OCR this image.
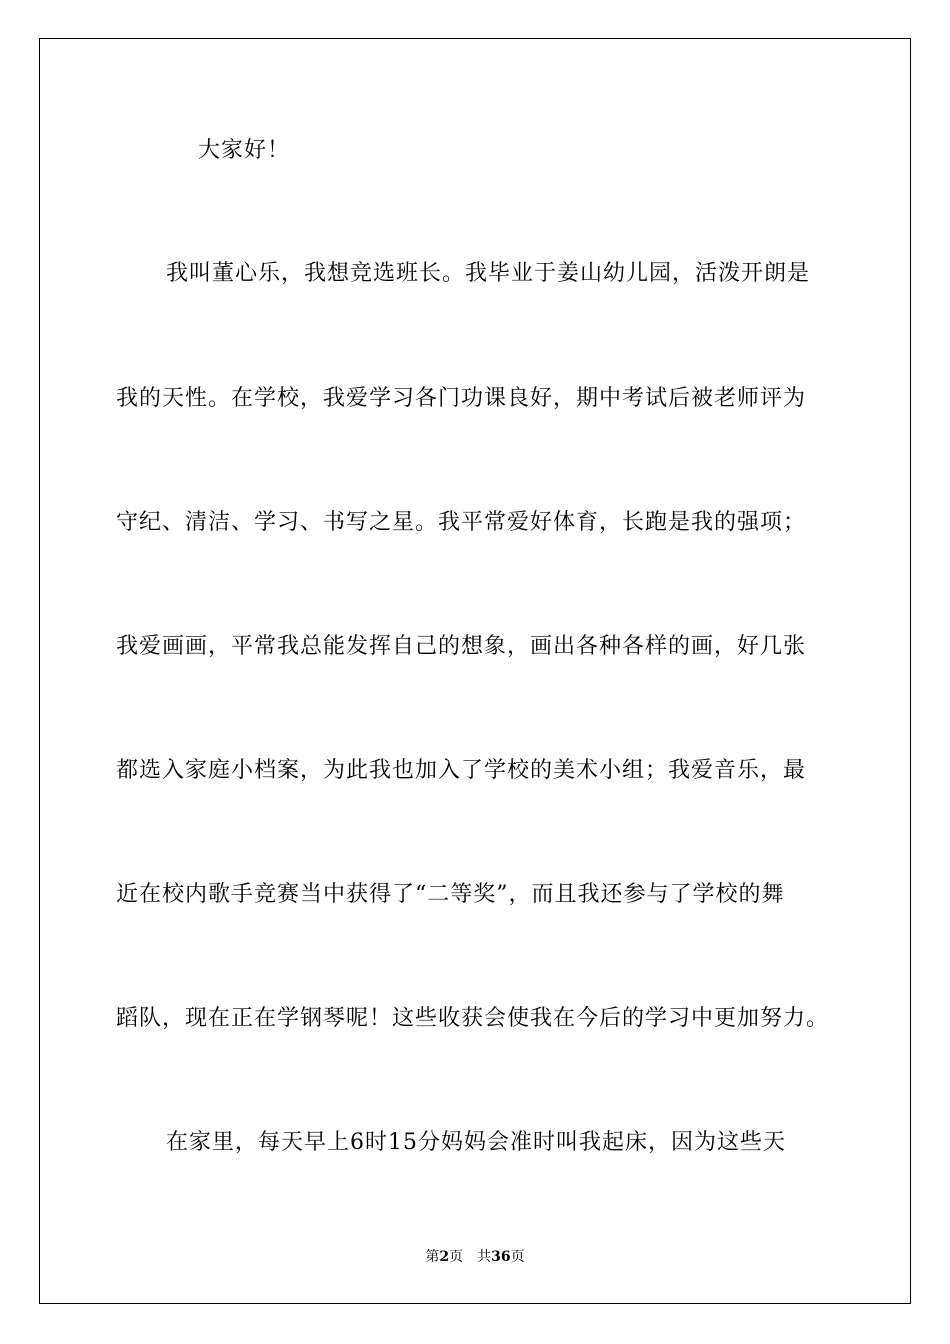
大家好！
我叫董心乐，我想竞选班长。我毕业于姜山幼儿园，活泼开朗是
我的天性。在学校，我爱学习各门功课良好，期中考试后被老师评为
守纪、清洁、学习、书写之星。我平常爱好体育，长跑是我的强项；
我爱画画，平常我总能发挥自己的想象，画出各种各样的画，好几张
都选入家庭小档案，为此我也加入了学校的美术小组；我爱音乐，最
近在校内歌手竞赛当中获得了“二等奖”，而且我还参与了学校的舞
蹈队，现在正在学钢琴呢！这些收获会使我在今后的学习中更加努力。
在家里，每天早上6时15分妈妈会准时叫我起床，因为这些天
第2页 共36页
